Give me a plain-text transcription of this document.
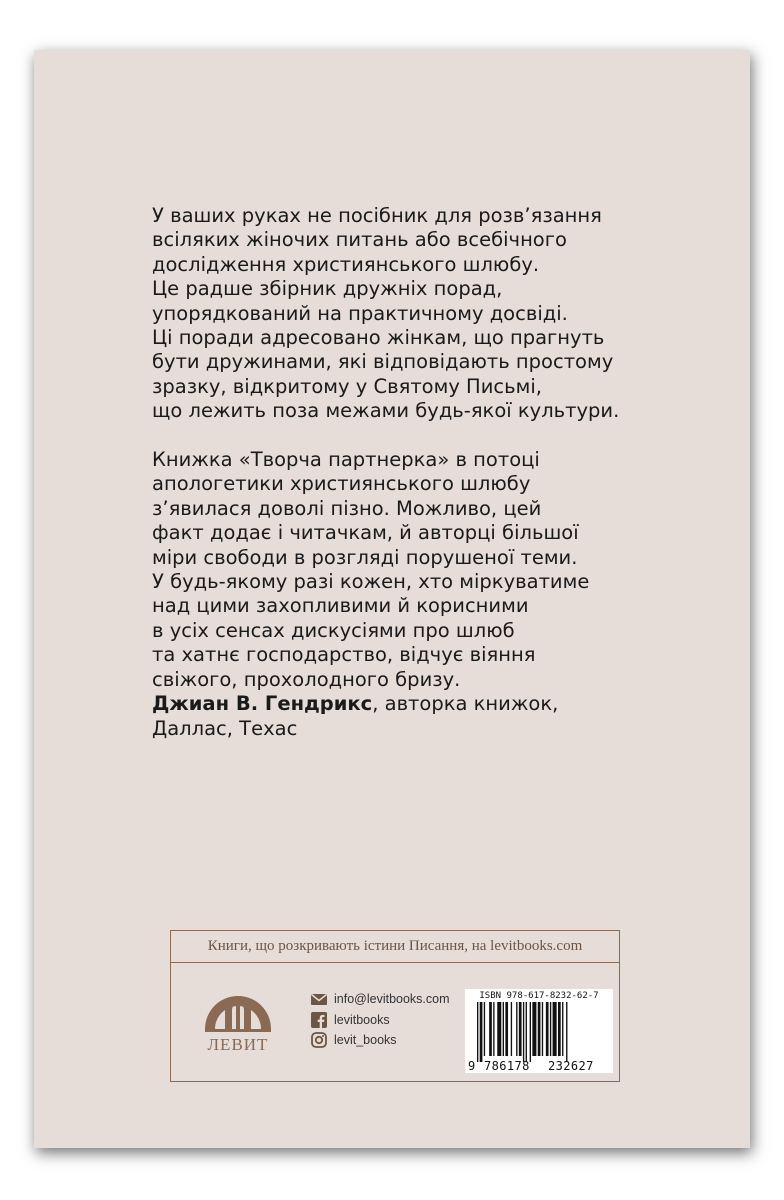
У ваших руках не посібник для розв’язання
всіляких жіночих питань або всебічного
дослідження християнського шлюбу.
Це радше збірник дружніх порад,
упорядкований на практичному досвіді.
Ці поради адресовано жінкам, що прагнуть
бути дружинами, які відповідають простому
зразку, відкритому у Святому Письмі,
що лежить поза межами будь-якої культури.
Книжка «Творча партнерка» в потоці
апологетики християнського шлюбу
з’явилася доволі пізно. Можливо, цей
факт додає і читачкам, й авторці більшої
міри свободи в розгляді порушеної теми.
У будь-якому разі кожен, хто міркуватиме
над цими захопливими й корисними
в усіх сенсах дискусіями про шлюб
та хатнє господарство, відчує віяння
свіжого, прохолодного бризу.
Джиан В. Гендрикс, авторка книжок,
Даллас, Техас
Книги, що розкривають істини Писання, на levitbooks.com
ЛЕВИТ
info@levitbooks.com
levitbooks
levit_books
ISBN 978-617-8232-62-7
9 786178 232627
